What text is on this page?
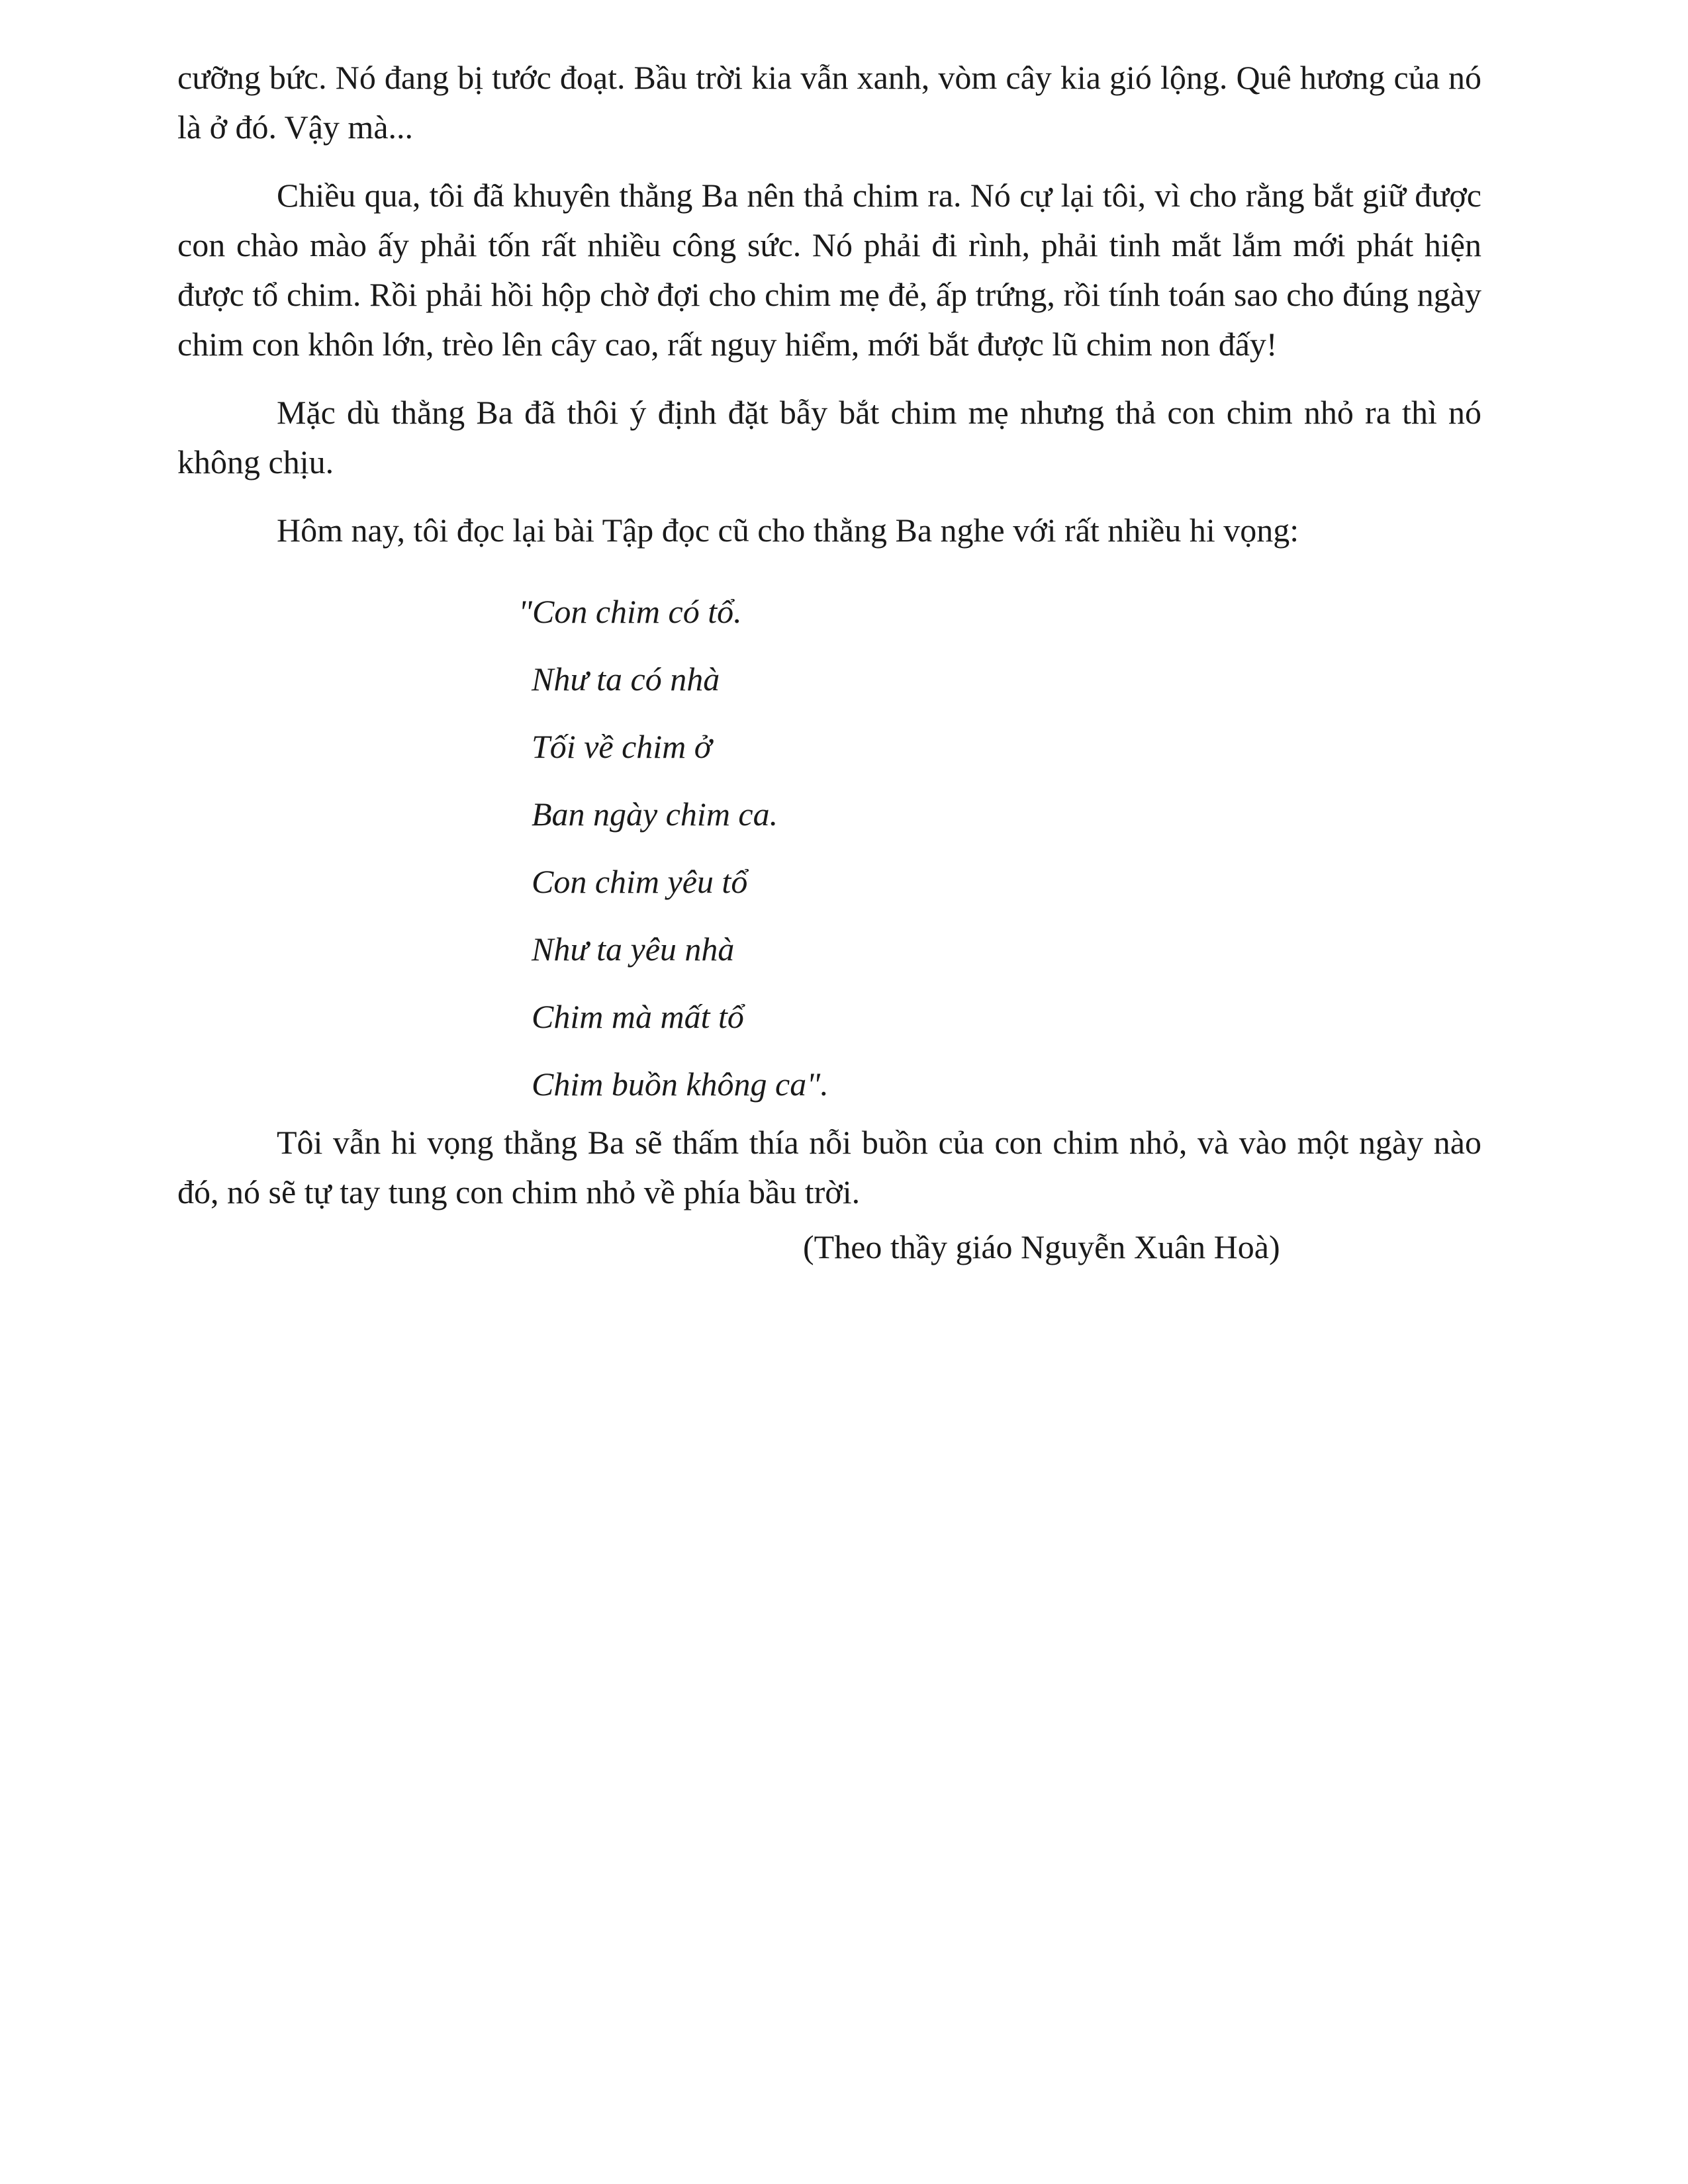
cưỡng bức. Nó đang bị tước đoạt. Bầu trời kia vẫn xanh, vòm cây kia gió lộng. Quê hương của nó là ở đó. Vậy mà...

Chiều qua, tôi đã khuyên thằng Ba nên thả chim ra. Nó cự lại tôi, vì cho rằng bắt giữ được con chào mào ấy phải tốn rất nhiều công sức. Nó phải đi rình, phải tinh mắt lắm mới phát hiện được tổ chim. Rồi phải hồi hộp chờ đợi cho chim mẹ đẻ, ấp trứng, rồi tính toán sao cho đúng ngày chim con khôn lớn, trèo lên cây cao, rất nguy hiểm, mới bắt được lũ chim non đấy!

Mặc dù thằng Ba đã thôi ý định đặt bẫy bắt chim mẹ nhưng thả con chim nhỏ ra thì nó không chịu.

Hôm nay, tôi đọc lại bài Tập đọc cũ cho thằng Ba nghe với rất nhiều hi vọng:

"Con chim có tổ.
Như ta có nhà
Tối về chim ở
Ban ngày chim ca.
Con chim yêu tổ
Như ta yêu nhà
Chim mà mất tổ
Chim buồn không ca".

Tôi vẫn hi vọng thằng Ba sẽ thấm thía nỗi buồn của con chim nhỏ, và vào một ngày nào đó, nó sẽ tự tay tung con chim nhỏ về phía bầu trời.

(Theo thầy giáo Nguyễn Xuân Hoà)
